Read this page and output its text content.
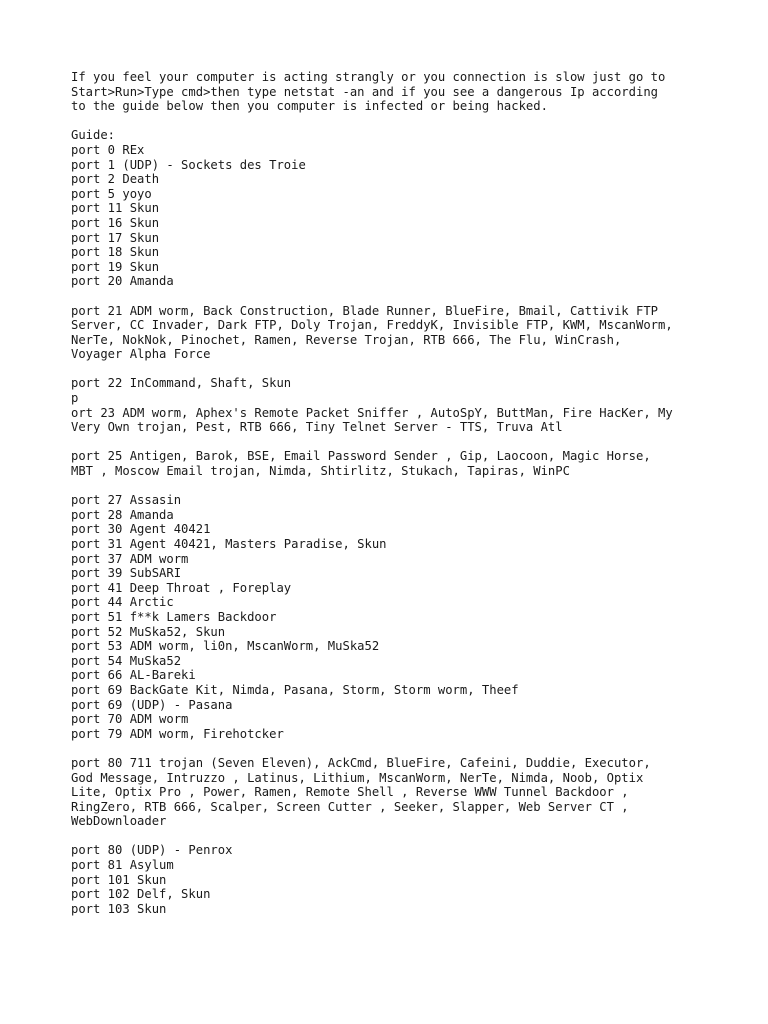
If you feel your computer is acting strangly or you connection is slow just go to
Start>Run>Type cmd>then type netstat -an and if you see a dangerous Ip according
to the guide below then you computer is infected or being hacked.
Guide:
port 0 REx
port 1 (UDP) - Sockets des Troie
port 2 Death
port 5 yoyo
port 11 Skun
port 16 Skun
port 17 Skun
port 18 Skun
port 19 Skun
port 20 Amanda
port 21 ADM worm, Back Construction, Blade Runner, BlueFire, Bmail, Cattivik FTP
Server, CC Invader, Dark FTP, Doly Trojan, FreddyK, Invisible FTP, KWM, MscanWorm,
NerTe, NokNok, Pinochet, Ramen, Reverse Trojan, RTB 666, The Flu, WinCrash,
Voyager Alpha Force
port 22 InCommand, Shaft, Skun
p
ort 23 ADM worm, Aphex's Remote Packet Sniffer , AutoSpY, ButtMan, Fire HacKer, My
Very Own trojan, Pest, RTB 666, Tiny Telnet Server - TTS, Truva Atl
port 25 Antigen, Barok, BSE, Email Password Sender , Gip, Laocoon, Magic Horse,
MBT , Moscow Email trojan, Nimda, Shtirlitz, Stukach, Tapiras, WinPC
port 27 Assasin
port 28 Amanda
port 30 Agent 40421
port 31 Agent 40421, Masters Paradise, Skun
port 37 ADM worm
port 39 SubSARI
port 41 Deep Throat , Foreplay
port 44 Arctic
port 51 f**k Lamers Backdoor
port 52 MuSka52, Skun
port 53 ADM worm, li0n, MscanWorm, MuSka52
port 54 MuSka52
port 66 AL-Bareki
port 69 BackGate Kit, Nimda, Pasana, Storm, Storm worm, Theef
port 69 (UDP) - Pasana
port 70 ADM worm
port 79 ADM worm, Firehotcker
port 80 711 trojan (Seven Eleven), AckCmd, BlueFire, Cafeini, Duddie, Executor,
God Message, Intruzzo , Latinus, Lithium, MscanWorm, NerTe, Nimda, Noob, Optix
Lite, Optix Pro , Power, Ramen, Remote Shell , Reverse WWW Tunnel Backdoor ,
RingZero, RTB 666, Scalper, Screen Cutter , Seeker, Slapper, Web Server CT ,
WebDownloader
port 80 (UDP) - Penrox
port 81 Asylum
port 101 Skun
port 102 Delf, Skun
port 103 Skun
